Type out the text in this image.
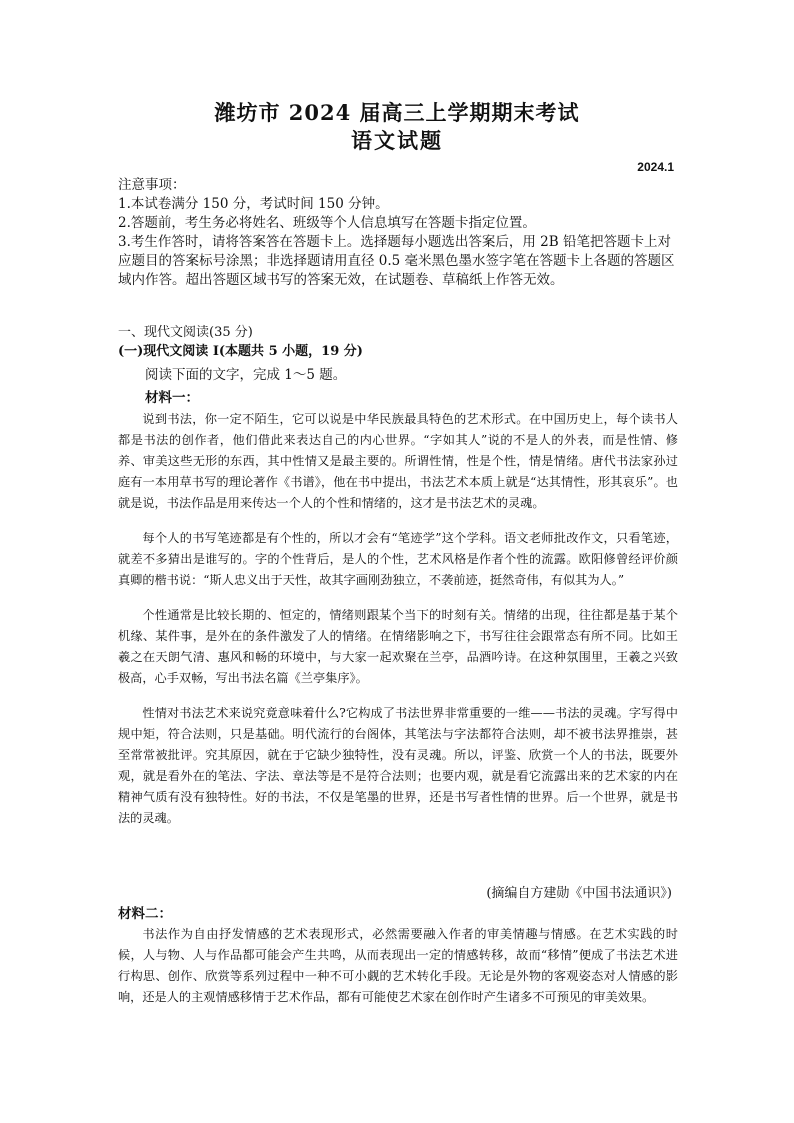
潍坊市 2024 届高三上学期期末考试
语文试题
2024.1

注意事项：

1.本试卷满分 150 分，考试时间 150 分钟。

2.答题前，考生务必将姓名、班级等个人信息填写在答题卡指定位置。

3.考生作答时，请将答案答在答题卡上。选择题每小题选出答案后，用 2B 铅笔把答题卡上对应题目的答案标号涂黑；非选择题请用直径 0.5 毫米黑色墨水签字笔在答题卡上各题的答题区域内作答。超出答题区域书写的答案无效，在试题卷、草稿纸上作答无效。

一、现代文阅读(35 分)
(一)现代文阅读 I(本题共 5 小题，19 分)
阅读下面的文字，完成 1～5 题。
材料一：

说到书法，你一定不陌生，它可以说是中华民族最具特色的艺术形式。在中国历史上，每个读书人都是书法的创作者，他们借此来表达自己的内心世界。“字如其人”说的不是人的外表，而是性情、修养、审美这些无形的东西，其中性情又是最主要的。所谓性情，性是个性，情是情绪。唐代书法家孙过庭有一本用草书写的理论著作《书谱》，他在书中提出，书法艺术本质上就是“达其情性，形其哀乐”。也就是说，书法作品是用来传达一个人的个性和情绪的，这才是书法艺术的灵魂。

每个人的书写笔迹都是有个性的，所以才会有“笔迹学”这个学科。语文老师批改作文，只看笔迹，就差不多猜出是谁写的。字的个性背后，是人的个性，艺术风格是作者个性的流露。欧阳修曾经评价颜真卿的楷书说：“斯人忠义出于天性，故其字画刚劲独立，不袭前迹，挺然奇伟，有似其为人。”

个性通常是比较长期的、恒定的，情绪则跟某个当下的时刻有关。情绪的出现，往往都是基于某个机缘、某件事，是外在的条件激发了人的情绪。在情绪影响之下，书写往往会跟常态有所不同。比如王羲之在天朗气清、惠风和畅的环境中，与大家一起欢聚在兰亭，品酒吟诗。在这种氛围里，王羲之兴致极高，心手双畅，写出书法名篇《兰亭集序》。

性情对书法艺术来说究竟意味着什么?它构成了书法世界非常重要的一维——书法的灵魂。字写得中规中矩，符合法则，只是基础。明代流行的台阁体，其笔法与字法都符合法则，却不被书法界推崇，甚至常常被批评。究其原因，就在于它缺少独特性，没有灵魂。所以，评鉴、欣赏一个人的书法，既要外观，就是看外在的笔法、字法、章法等是不是符合法则；也要内观，就是看它流露出来的艺术家的内在精神气质有没有独特性。好的书法，不仅是笔墨的世界，还是书写者性情的世界。后一个世界，就是书法的灵魂。

(摘编自方建勋《中国书法通识》)
材料二：

书法作为自由抒发情感的艺术表现形式，必然需要融入作者的审美情趣与情感。在艺术实践的时候，人与物、人与作品都可能会产生共鸣，从而表现出一定的情感转移，故而“移情”便成了书法艺术进行构思、创作、欣赏等系列过程中一种不可小觑的艺术转化手段。无论是外物的客观姿态对人情感的影响，还是人的主观情感移情于艺术作品，都有可能使艺术家在创作时产生诸多不可预见的审美效果。
